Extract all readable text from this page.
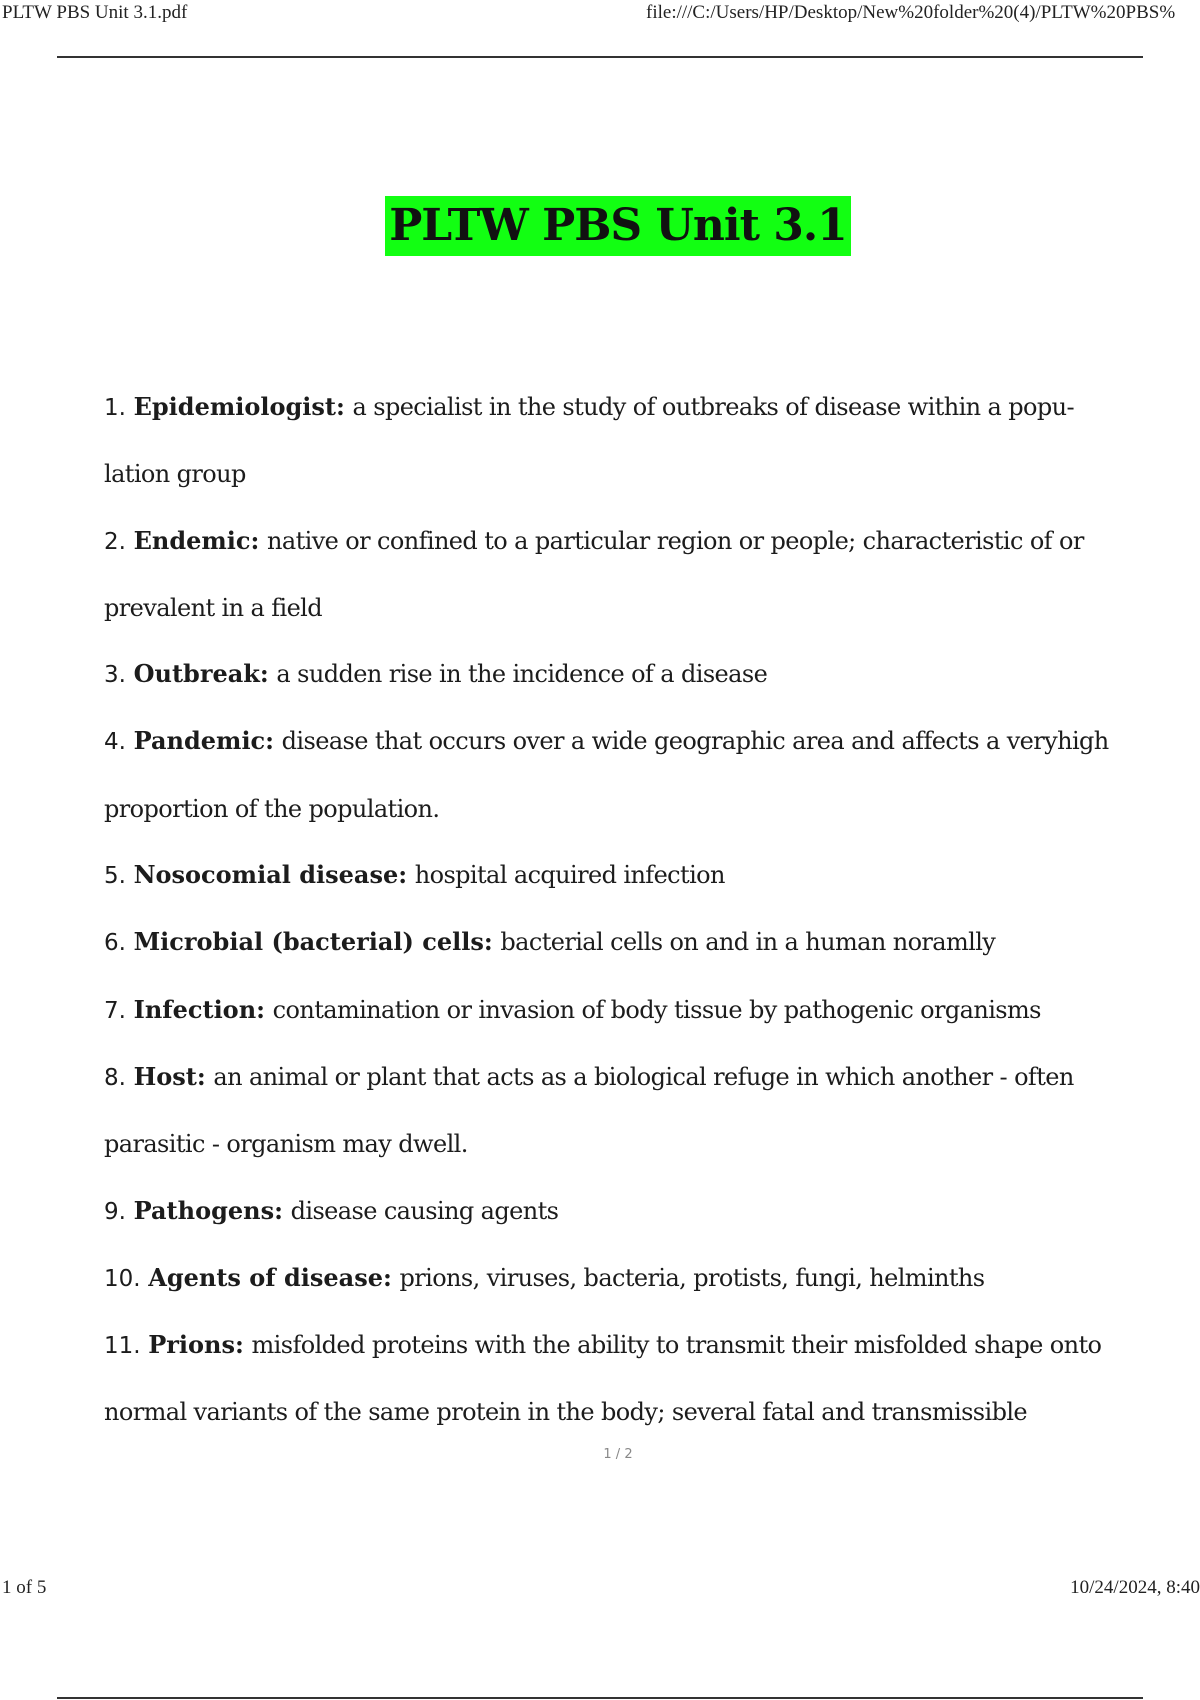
PLTW PBS Unit 3.1.pdf	file:///C:/Users/HP/Desktop/New%20folder%20(4)/PLTW%20PBS%
PLTW PBS Unit 3.1
1. Epidemiologist: a specialist in the study of outbreaks of disease within a popu-lation group
2. Endemic: native or confined to a particular region or people; characteristic of or prevalent in a field
3. Outbreak: a sudden rise in the incidence of a disease
4. Pandemic: disease that occurs over a wide geographic area and affects a veryhigh proportion of the population.
5. Nosocomial disease: hospital acquired infection
6. Microbial (bacterial) cells: bacterial cells on and in a human noramlly
7. Infection: contamination or invasion of body tissue by pathogenic organisms
8. Host: an animal or plant that acts as a biological refuge in which another - often parasitic - organism may dwell.
9. Pathogens: disease causing agents
10. Agents of disease: prions, viruses, bacteria, protists, fungi, helminths
11. Prions: misfolded proteins with the ability to transmit their misfolded shape onto normal variants of the same protein in the body; several fatal and transmissible
1 / 2
1 of 5	10/24/2024, 8:40
